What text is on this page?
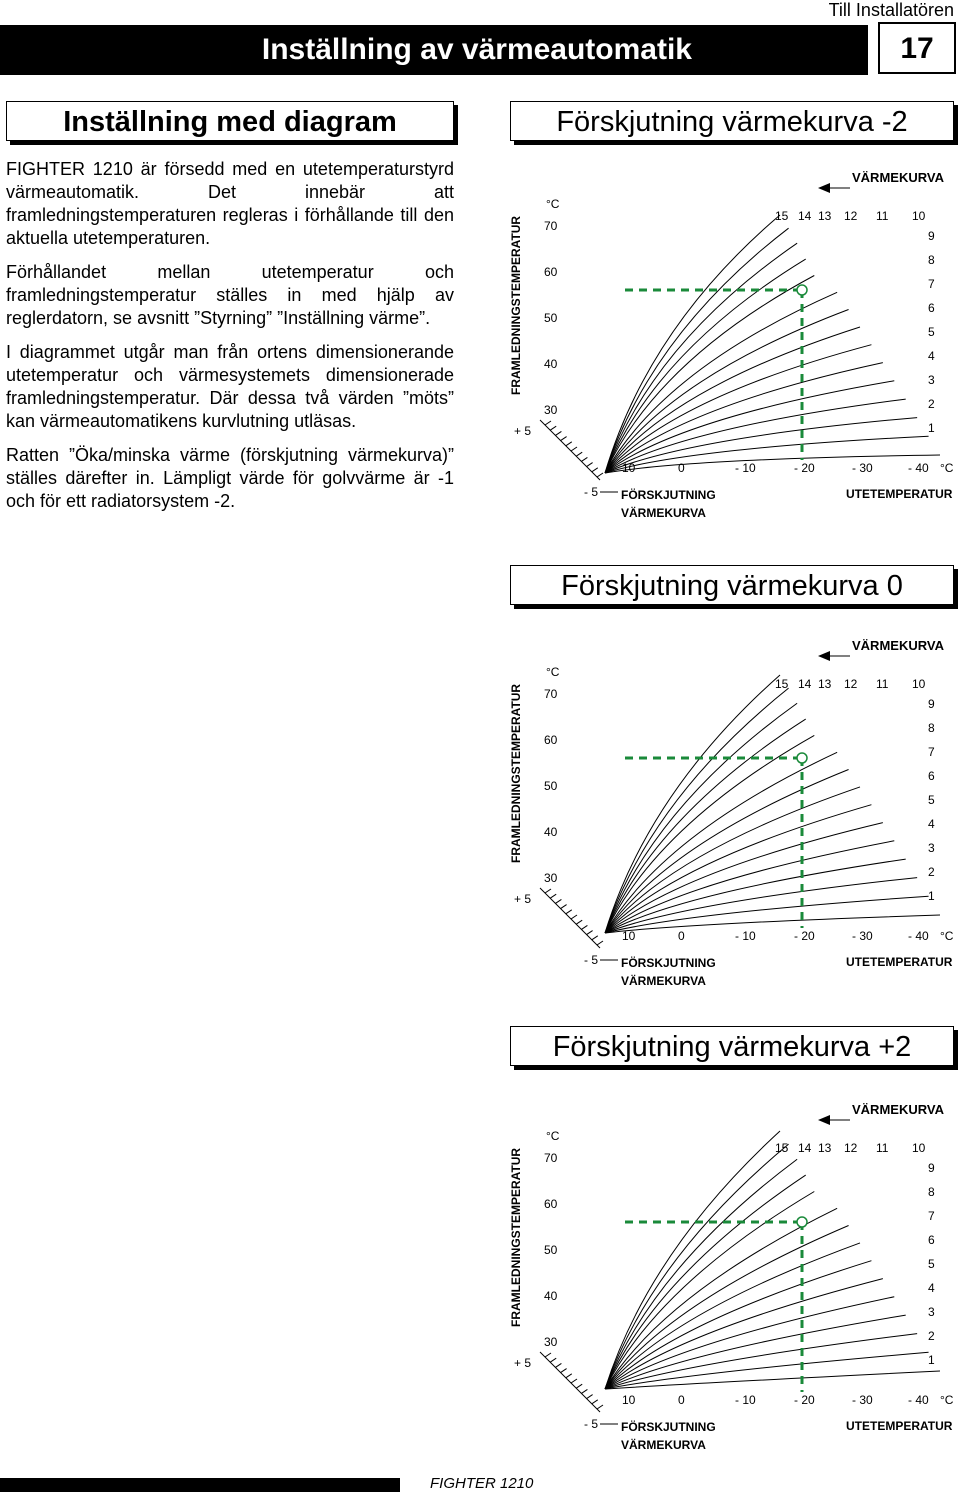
Till Installatören
Inställning av värmeautomatik	17
Inställning med diagram

FIGHTER 1210 är försedd med en utetemperaturstyrd värmeautomatik. Det innebär att framledningstemperaturen regleras i förhållande till den aktuella utetemperaturen.

Förhållandet mellan utetemperatur och framledningstemperatur ställes in med hjälp av reglerdatorn, se avsnitt ”Styrning” ”Inställning värme”.

I diagrammet utgår man från ortens dimensionerande utetemperatur och värmesystemets dimensionerade framledningstemperatur. Där dessa två värden ”möts” kan värmeautomatikens kurvlutning utläsas.

Ratten ”Öka/minska värme (förskjutning värmekurva)” ställes därefter in. Lämpligt värde för golvvärme är -1 och för ett radiatorsystem -2.

Förskjutning värmekurva -2
Förskjutning värmekurva 0
Förskjutning värmekurva +2
15 14 13 12 11 10
9
8
7
6
5
4
3
2
1
VÄRMEKURVA
FRAMLEDNINGSTEMPERATUR
°C
70
60
50
40
30
+ 5
- 5 FÖRSKJUTNING
VÄRMEKURVA
10	0	- 10	- 20	- 30	- 40 °C
UTETEMPERATUR
15 14 13 12 11 10
9
8
7
6
5
4
3
2
1
VÄRMEKURVA
FRAMLEDNINGSTEMPERATUR
°C
70
60
50
40
30
+ 5
- 5 FÖRSKJUTNING
VÄRMEKURVA
10	0	- 10	- 20	- 30	- 40 °C
UTETEMPERATUR
15 14 13 12 11 10
9
8
7
6
5
4
3
2
1
VÄRMEKURVA
FRAMLEDNINGSTEMPERATUR
°C
70
60
50
40
30
+ 5
- 5 FÖRSKJUTNING
VÄRMEKURVA
10	0	- 10	- 20	- 30	- 40 °C
UTETEMPERATUR
FIGHTER 1210
